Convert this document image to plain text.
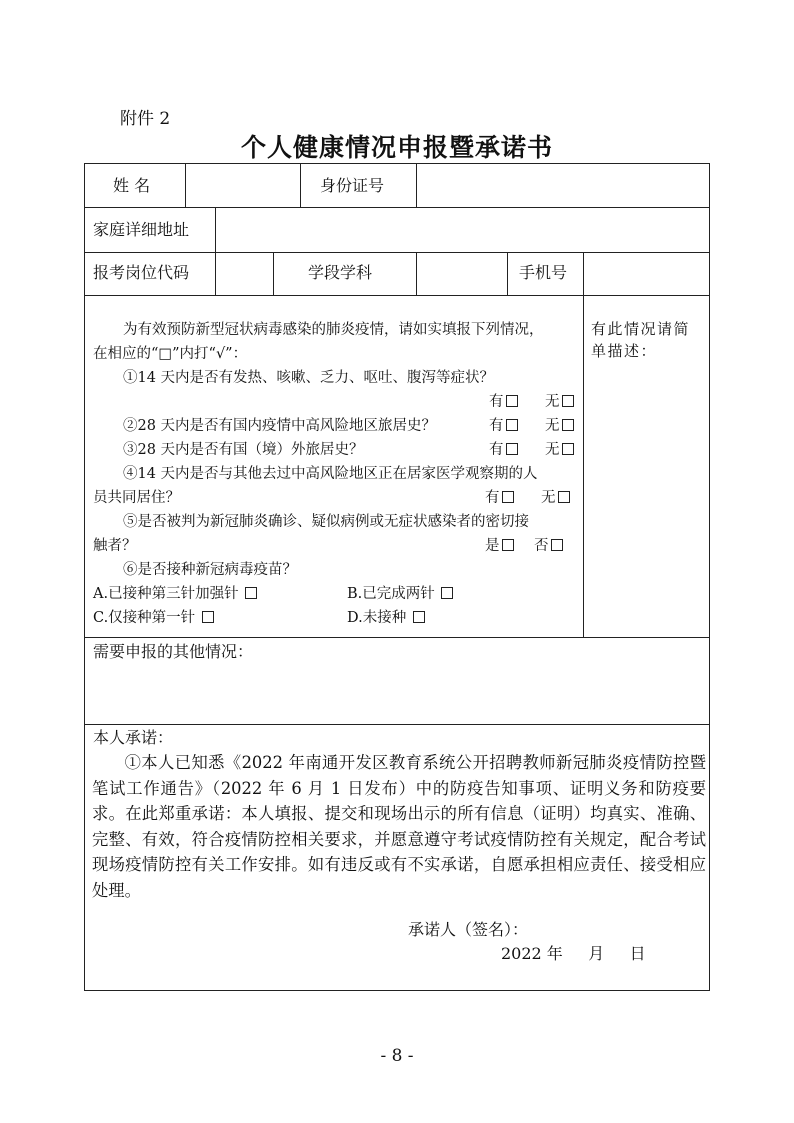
附件 2
个人健康情况申报暨承诺书
姓 名	身份证号
家庭详细地址
报考岗位代码	学段学科	手机号
为有效预防新型冠状病毒感染的肺炎疫情，请如实填报下列情况，
在相应的“□”内打“√”：
①14 天内是否有发热、咳嗽、乏力、呕吐、腹泻等症状？
有	无
②28 天内是否有国内疫情中高风险地区旅居史？	有	无
③28 天内是否有国（境）外旅居史？	有	无
④14 天内是否与其他去过中高风险地区正在居家医学观察期的人
员共同居住？	有	无
⑤是否被判为新冠肺炎确诊、疑似病例或无症状感染者的密切接
触者？	是	否
⑥是否接种新冠病毒疫苗？
A.已接种第三针加强针	B.已完成两针
C.仅接种第一针	D.未接种
有此情况请简单描述：
需要申报的其他情况：
本人承诺：

①本人已知悉《2022 年南通开发区教育系统公开招聘教师新冠肺炎疫情防控暨笔试工作通告》（2022 年 6 月 1 日发布）中的防疫告知事项、证明义务和防疫要求。在此郑重承诺：本人填报、提交和现场出示的所有信息（证明）均真实、准确、完整、有效，符合疫情防控相关要求，并愿意遵守考试疫情防控有关规定，配合考试现场疫情防控有关工作安排。如有违反或有不实承诺，自愿承担相应责任、接受相应处理。

承诺人（签名）：
2022 年     月     日
- 8 -
